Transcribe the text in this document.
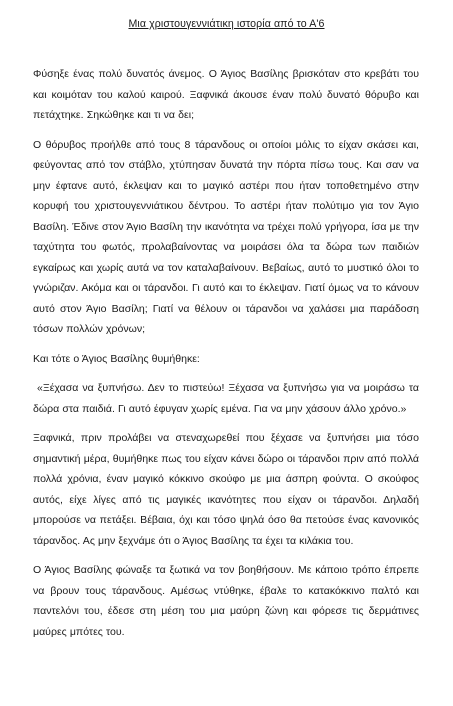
Μια χριστουγεννιάτικη ιστορία από το Α'6

Φύσηξε ένας πολύ δυνατός άνεμος. Ο Άγιος Βασίλης βρισκόταν στο κρεβάτι του και κοιμόταν του καλού καιρού. Ξαφνικά άκουσε έναν πολύ δυνατό θόρυβο και πετάχτηκε. Σηκώθηκε και τι να δει;

Ο θόρυβος προήλθε από τους 8 τάρανδους οι οποίοι μόλις το είχαν σκάσει και, φεύγοντας από τον στάβλο, χτύπησαν δυνατά την πόρτα πίσω τους. Και σαν να μην έφτανε αυτό, έκλεψαν και το μαγικό αστέρι που ήταν τοποθετημένο στην κορυφή του χριστουγεννιάτικου δέντρου. Το αστέρι ήταν πολύτιμο για τον Άγιο Βασίλη. Έδινε στον Άγιο Βασίλη την ικανότητα να τρέχει πολύ γρήγορα, ίσα με την ταχύτητα του φωτός, προλαβαίνοντας να μοιράσει όλα τα δώρα των παιδιών εγκαίρως και χωρίς αυτά να τον καταλαβαίνουν. Βεβαίως, αυτό το μυστικό όλοι το γνώριζαν. Ακόμα και οι τάρανδοι. Γι αυτό και το έκλεψαν. Γιατί όμως να το κάνουν αυτό στον Άγιο Βασίλη; Γιατί να θέλουν οι τάρανδοι να χαλάσει μια παράδοση τόσων πολλών χρόνων;

Και τότε ο Άγιος Βασίλης θυμήθηκε:

«Ξέχασα να ξυπνήσω. Δεν το πιστεύω! Ξέχασα να ξυπνήσω για να μοιράσω τα δώρα στα παιδιά. Γι αυτό έφυγαν χωρίς εμένα. Για να μην χάσουν άλλο χρόνο.»

Ξαφνικά, πριν προλάβει να στεναχωρεθεί που ξέχασε να ξυπνήσει μια τόσο σημαντική μέρα, θυμήθηκε πως του είχαν κάνει δώρο οι τάρανδοι πριν από πολλά πολλά χρόνια, έναν μαγικό κόκκινο σκούφο με μια άσπρη φούντα. Ο σκούφος αυτός, είχε λίγες από τις μαγικές ικανότητες που είχαν οι τάρανδοι. Δηλαδή μπορούσε να πετάξει. Βέβαια, όχι και τόσο ψηλά όσο θα πετούσε ένας κανονικός τάρανδος. Ας μην ξεχνάμε ότι ο Άγιος Βασίλης τα έχει τα κιλάκια του.

Ο Άγιος Βασίλης φώναξε τα ξωτικά να τον βοηθήσουν. Με κάποιο τρόπο έπρεπε να βρουν τους τάρανδους. Αμέσως ντύθηκε, έβαλε το κατακόκκινο παλτό και παντελόνι του, έδεσε στη μέση του μια μαύρη ζώνη και φόρεσε τις δερμάτινες μαύρες μπότες του.
